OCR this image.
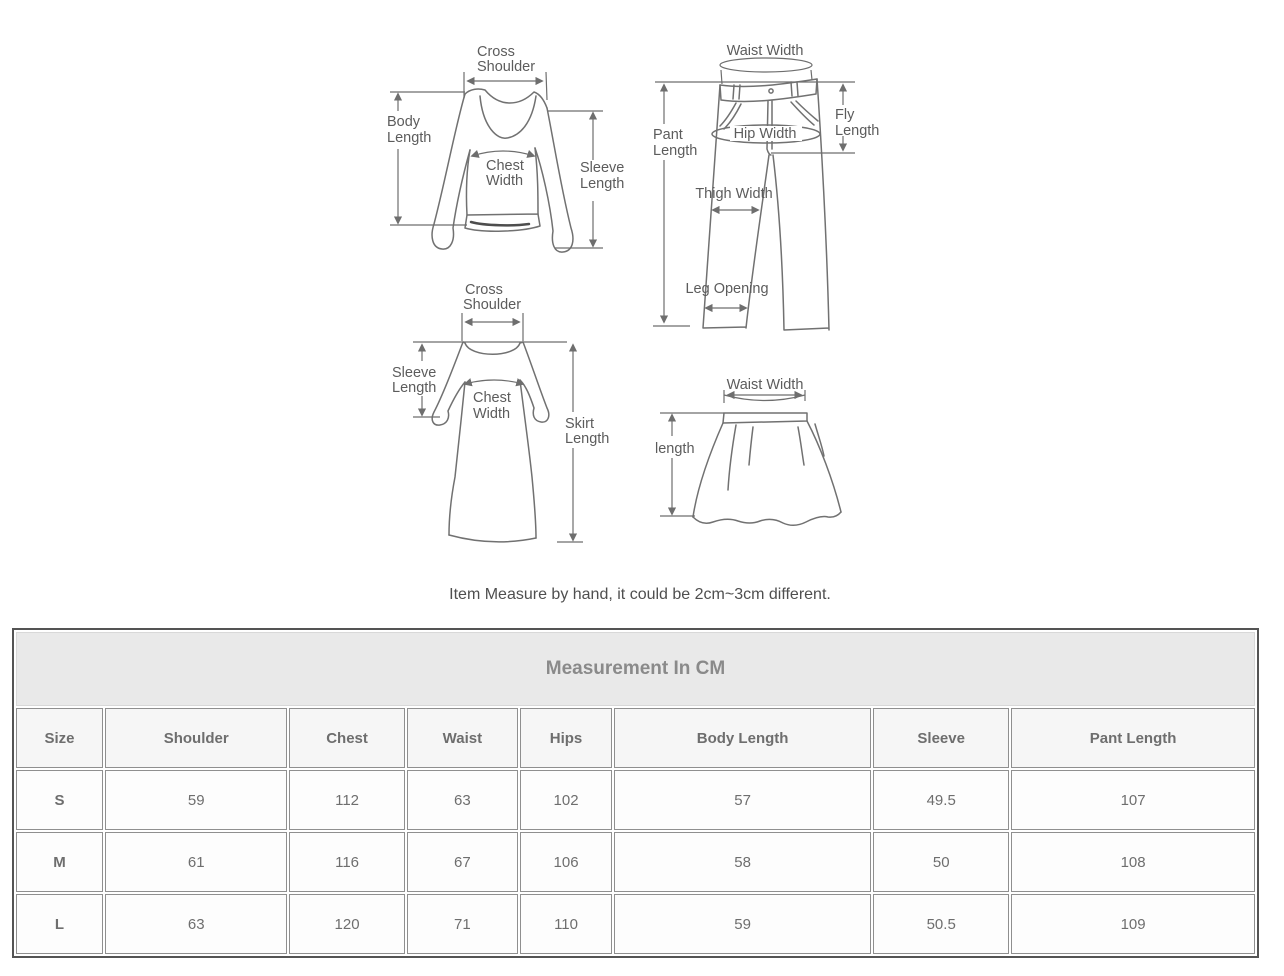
Cross
Shoulder
Body
Length
Chest
Width
Sleeve
Length
Waist Width
Pant
Length
Hip Width
Fly
Length
Thigh Width
Leg Opening
Cross
Shoulder
Sleeve
Length
Chest
Width
Skirt
Length
Waist Width
length
Item Measure by hand, it could be 2cm~3cm different.
Measurement In CM							
Size	Shoulder	Chest	Waist	Hips	Body Length	Sleeve	Pant Length
S	59	112	63	102	57	49.5	107
M	61	116	67	106	58	50	108
L	63	120	71	110	59	50.5	109
